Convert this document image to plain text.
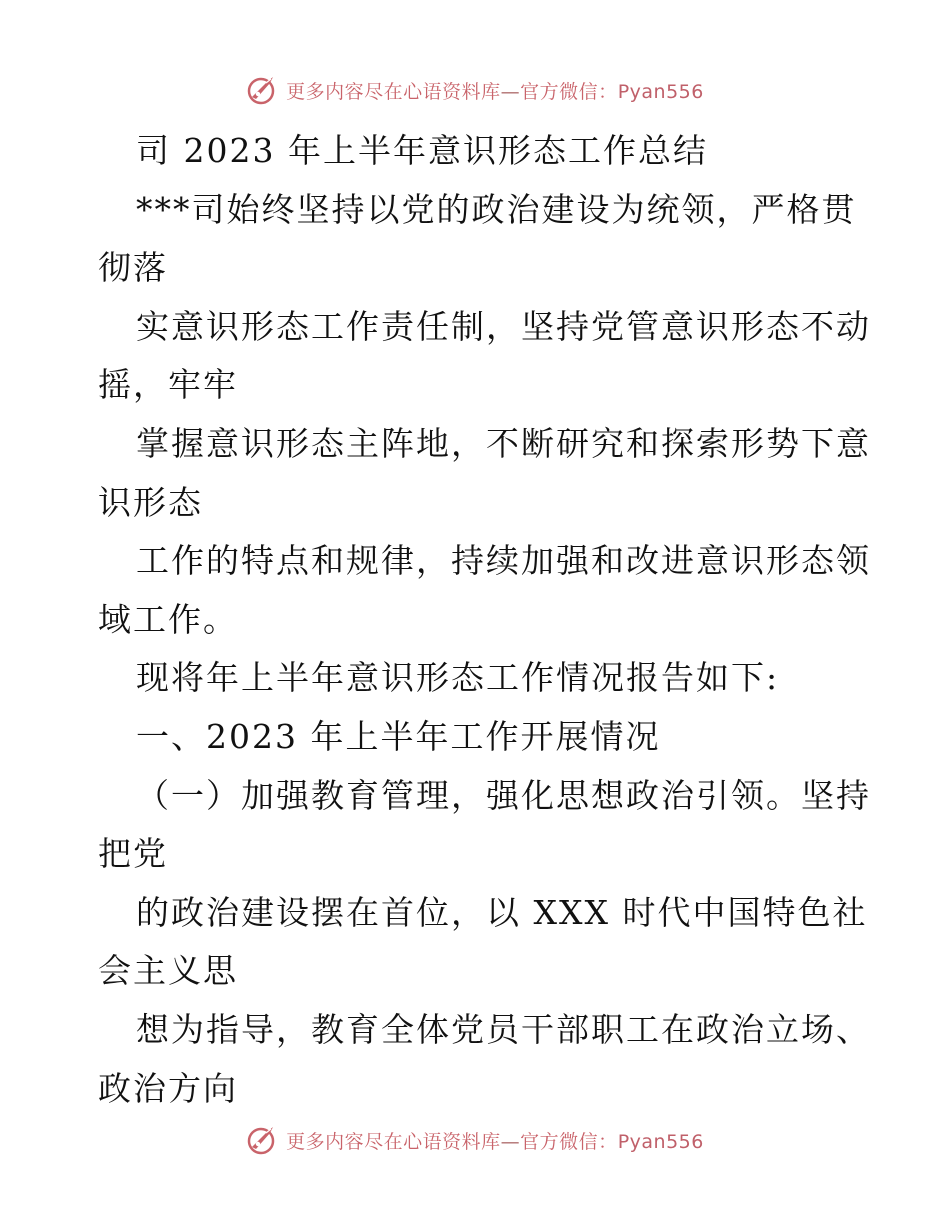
更多内容尽在心语资料库—官方微信：Pyan556
司 2023 年上半年意识形态工作总结
***司始终坚持以党的政治建设为统领，严格贯
彻落
实意识形态工作责任制，坚持党管意识形态不动
摇，牢牢
掌握意识形态主阵地，不断研究和探索形势下意
识形态
工作的特点和规律，持续加强和改进意识形态领
域工作。
现将年上半年意识形态工作情况报告如下:
一、2023 年上半年工作开展情况
（一）加强教育管理，强化思想政治引领。坚持
把党
的政治建设摆在首位，以 XXX 时代中国特色社
会主义思
想为指导，教育全体党员干部职工在政治立场、
政治方向
更多内容尽在心语资料库—官方微信：Pyan556
